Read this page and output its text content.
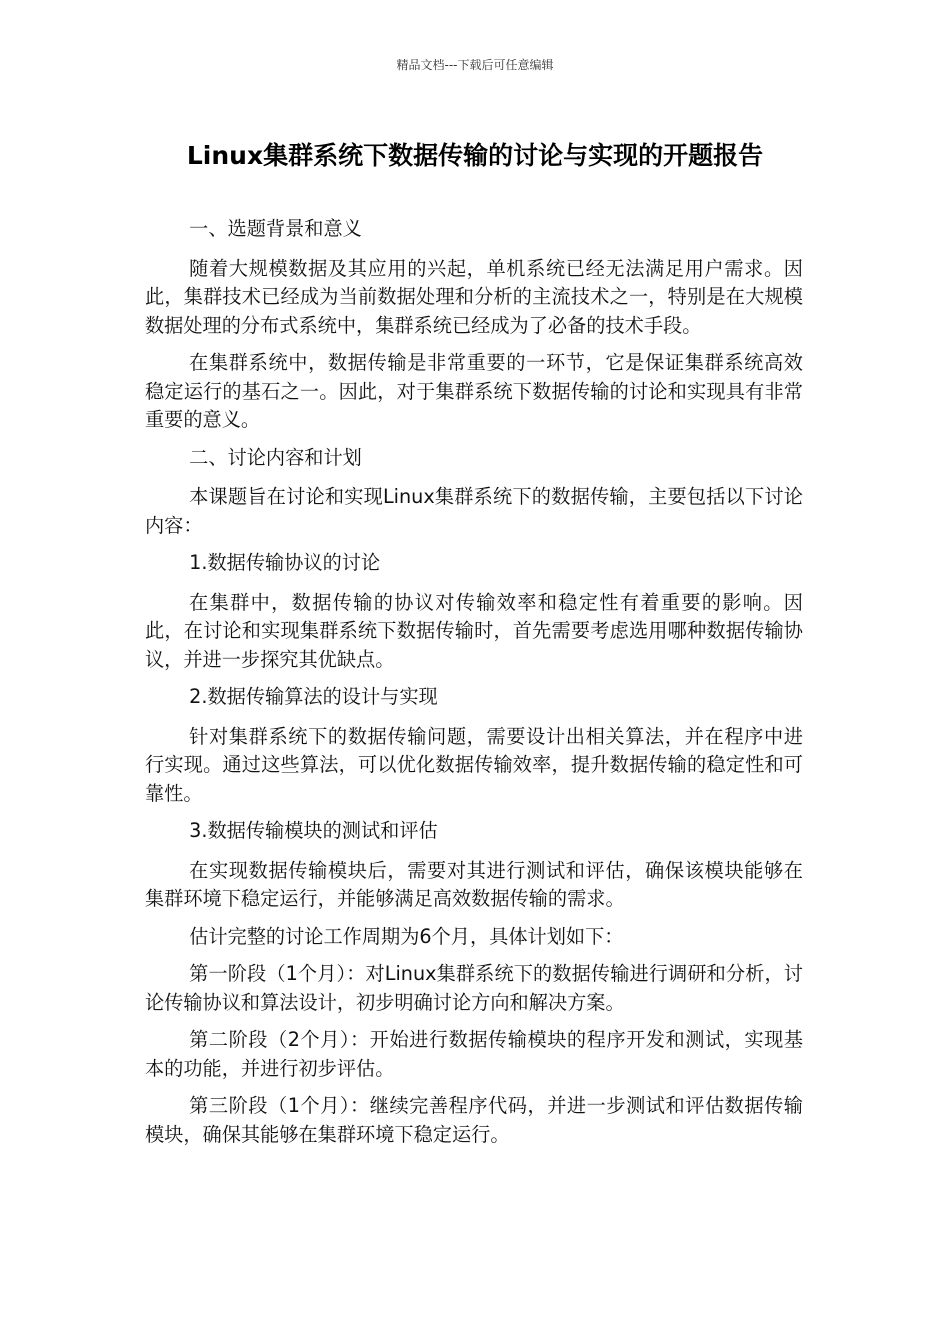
精品文档---下载后可任意编辑
Linux集群系统下数据传输的讨论与实现的开题报告

一、选题背景和意义

随着大规模数据及其应用的兴起，单机系统已经无法满足用户需求。因此，集群技术已经成为当前数据处理和分析的主流技术之一，特别是在大规模数据处理的分布式系统中，集群系统已经成为了必备的技术手段。

在集群系统中，数据传输是非常重要的一环节，它是保证集群系统高效稳定运行的基石之一。因此，对于集群系统下数据传输的讨论和实现具有非常重要的意义。

二、讨论内容和计划

本课题旨在讨论和实现Linux集群系统下的数据传输，主要包括以下讨论内容：

1.数据传输协议的讨论

在集群中，数据传输的协议对传输效率和稳定性有着重要的影响。因此，在讨论和实现集群系统下数据传输时，首先需要考虑选用哪种数据传输协议，并进一步探究其优缺点。

2.数据传输算法的设计与实现

针对集群系统下的数据传输问题，需要设计出相关算法，并在程序中进行实现。通过这些算法，可以优化数据传输效率，提升数据传输的稳定性和可靠性。

3.数据传输模块的测试和评估

在实现数据传输模块后，需要对其进行测试和评估，确保该模块能够在集群环境下稳定运行，并能够满足高效数据传输的需求。

估计完整的讨论工作周期为6个月，具体计划如下：

第一阶段（1个月）：对Linux集群系统下的数据传输进行调研和分析，讨论传输协议和算法设计，初步明确讨论方向和解决方案。

第二阶段（2个月）：开始进行数据传输模块的程序开发和测试，实现基本的功能，并进行初步评估。

第三阶段（1个月）：继续完善程序代码，并进一步测试和评估数据传输模块，确保其能够在集群环境下稳定运行。
